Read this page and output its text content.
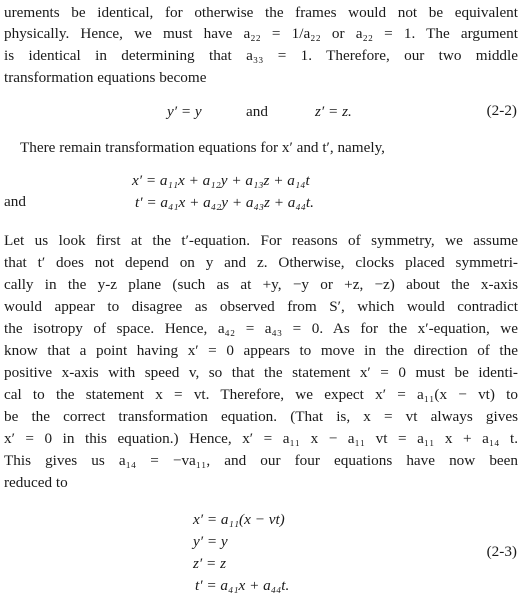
urements be identical, for otherwise the frames would not be equivalent
physically. Hence, we must have a₂₂ = 1/a₂₂ or a₂₂ = 1. The argument
is identical in determining that a₃₃ = 1. Therefore, our two middle
transformation equations become
y′ = y	and	z′ = z.	(2-2)
There remain transformation equations for x′ and t′, namely,
x′ = a₁₁x + a₁₂y + a₁₃z + a₁₄t
and	t′ = a₄₁x + a₄₂y + a₄₃z + a₄₄t.
Let us look first at the t′-equation. For reasons of symmetry, we assume
that t′ does not depend on y and z. Otherwise, clocks placed symmetri-
cally in the y-z plane (such as at +y, −y or +z, −z) about the x-axis
would appear to disagree as observed from S′, which would contradict
the isotropy of space. Hence, a₄₂ = a₄₃ = 0. As for the x′-equation, we
know that a point having x′ = 0 appears to move in the direction of the
positive x-axis with speed v, so that the statement x′ = 0 must be identi-
cal to the statement x = vt. Therefore, we expect x′ = a₁₁(x − vt) to
be the correct transformation equation. (That is, x = vt always gives
x′ = 0 in this equation.) Hence, x′ = a₁₁ x − a₁₁ vt = a₁₁ x + a₁₄ t.
This gives us a₁₄ = −va₁₁, and our four equations have now been
reduced to
x′ = a₁₁(x − vt)
y′ = y
(2-3)
z′ = z
t′ = a₄₁x + a₄₄t.
